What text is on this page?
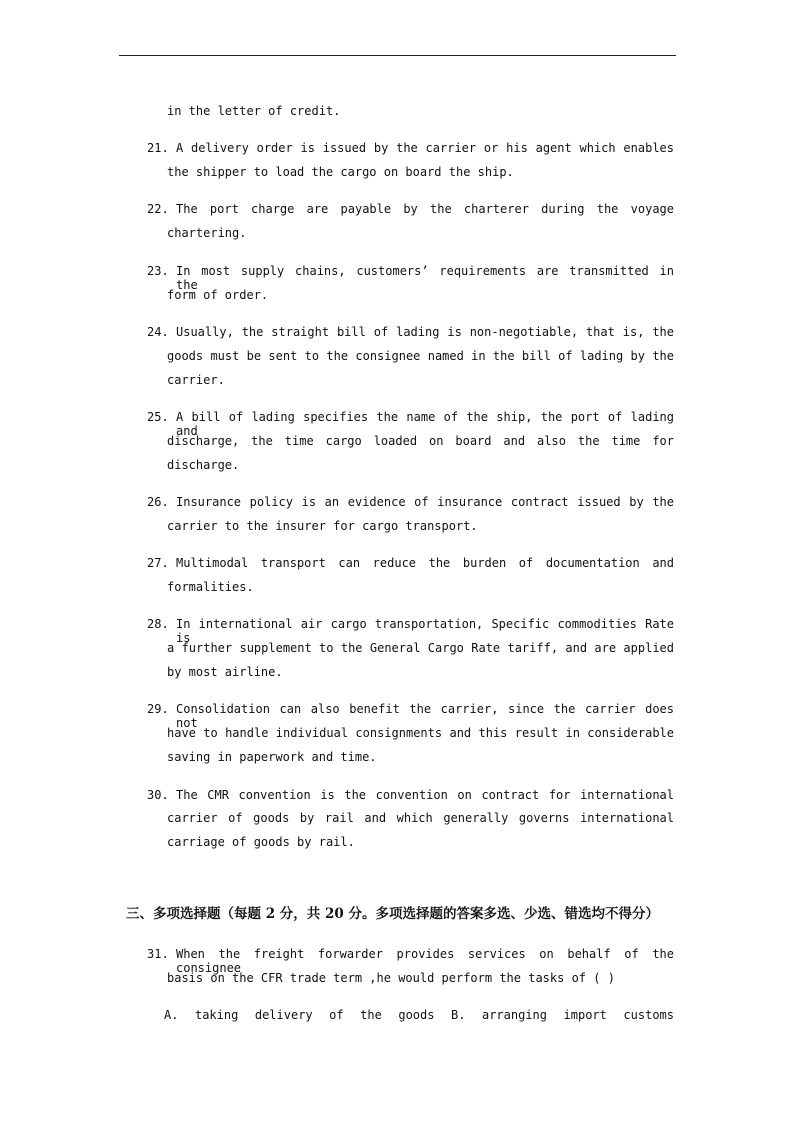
in the letter of credit.
21. A delivery order is issued by the carrier or his agent which enables
the shipper to load the cargo on board the ship.
22. The port charge are payable by the charterer during the voyage
chartering.
23. In most supply chains, customers’ requirements are transmitted in the
form of order.
24. Usually, the straight bill of lading is non-negotiable, that is, the
goods must be sent to the consignee named in the bill of lading by the
carrier.
25. A bill of lading specifies the name of the ship, the port of lading and
discharge, the time cargo loaded on board and also the time for
discharge.
26. Insurance policy is an evidence of insurance contract issued by the
carrier to the insurer for cargo transport.
27. Multimodal transport can reduce the burden of documentation and
formalities.
28. In international air cargo transportation, Specific commodities Rate is
a further supplement to the General Cargo Rate tariff, and are applied
by most airline.
29. Consolidation can also benefit the carrier, since the carrier does not
have to handle individual consignments and this result in considerable
saving in paperwork and time.
30. The CMR convention is the convention on contract for international
carrier of goods by rail and which generally governs international
carriage of goods by rail.
三、多项选择题（每题 2 分，共 20 分。多项选择题的答案多选、少选、错选均不得分）
31. When the freight forwarder provides services on behalf of the consignee
basis on the CFR trade term ,he would perform the tasks of ( )
A. taking delivery of the goods B. arranging import customs
